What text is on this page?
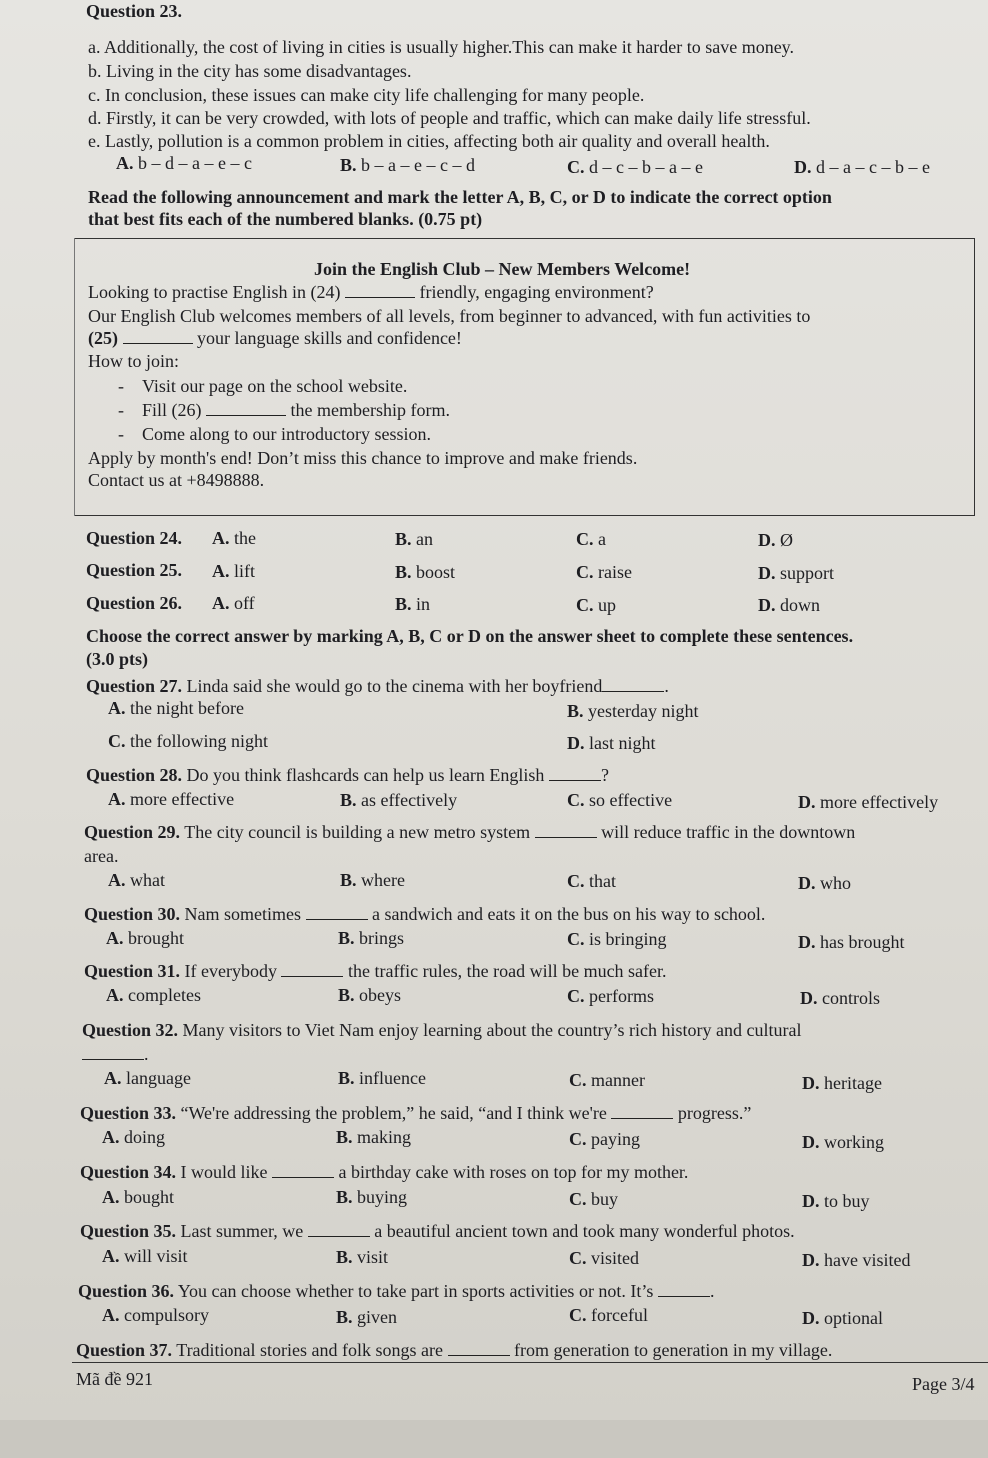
Question 23.
a. Additionally, the cost of living in cities is usually higher.This can make it harder to save money.
b. Living in the city has some disadvantages.
c. In conclusion, these issues can make city life challenging for many people.
d. Firstly, it can be very crowded, with lots of people and traffic, which can make daily life stressful.
e. Lastly, pollution is a common problem in cities, affecting both air quality and overall health.
A. b – d – a – e – c	B. b – a – e – c – d	C. d – c – b – a – e	D. d – a – c – b – e
Read the following announcement and mark the letter A, B, C, or D to indicate the correct option
that best fits each of the numbered blanks. (0.75 pt)
Join the English Club – New Members Welcome!
Looking to practise English in (24)	friendly, engaging environment?
Our English Club welcomes members of all levels, from beginner to advanced, with fun activities to
(25)	your language skills and confidence!
How to join:
-    Visit our page on the school website.
-    Fill (26)	the membership form.
-    Come along to our introductory session.
Apply by month's end! Don’t miss this chance to improve and make friends.
Contact us at +8498888.
Question 24. A. the	B. an	C. a	D. Ø
Question 25. A. lift	B. boost	C. raise	D. support
Question 26. A. off	B. in	C. up	D. down
Choose the correct answer by marking A, B, C or D on the answer sheet to complete these sentences.
(3.0 pts)
Question 27. Linda said she would go to the cinema with her boyfriend	.
A. the night before	B. yesterday night
C. the following night	D. last night
Question 28. Do you think flashcards can help us learn English	?
A. more effective	B. as effectively	C. so effective	D. more effectively
Question 29. The city council is building a new metro system	will reduce traffic in the downtown
area.
A. what	B. where	C. that	D. who
Question 30. Nam sometimes	a sandwich and eats it on the bus on his way to school.
A. brought	B. brings	C. is bringing	D. has brought
Question 31. If everybody	the traffic rules, the road will be much safer.
A. completes	B. obeys	C. performs	D. controls
Question 32. Many visitors to Viet Nam enjoy learning about the country’s rich history and cultural
.
A. language	B. influence	C. manner	D. heritage
Question 33. “We're addressing the problem,” he said, “and I think we're	progress.”
A. doing	B. making	C. paying	D. working
Question 34. I would like	a birthday cake with roses on top for my mother.
A. bought	B. buying	C. buy	D. to buy
Question 35. Last summer, we	a beautiful ancient town and took many wonderful photos.
A. will visit	B. visit	C. visited	D. have visited
Question 36. You can choose whether to take part in sports activities or not. It’s	.
A. compulsory	B. given	C. forceful	D. optional
Question 37. Traditional stories and folk songs are	from generation to generation in my village.
Mã đề 921	Page 3/4
